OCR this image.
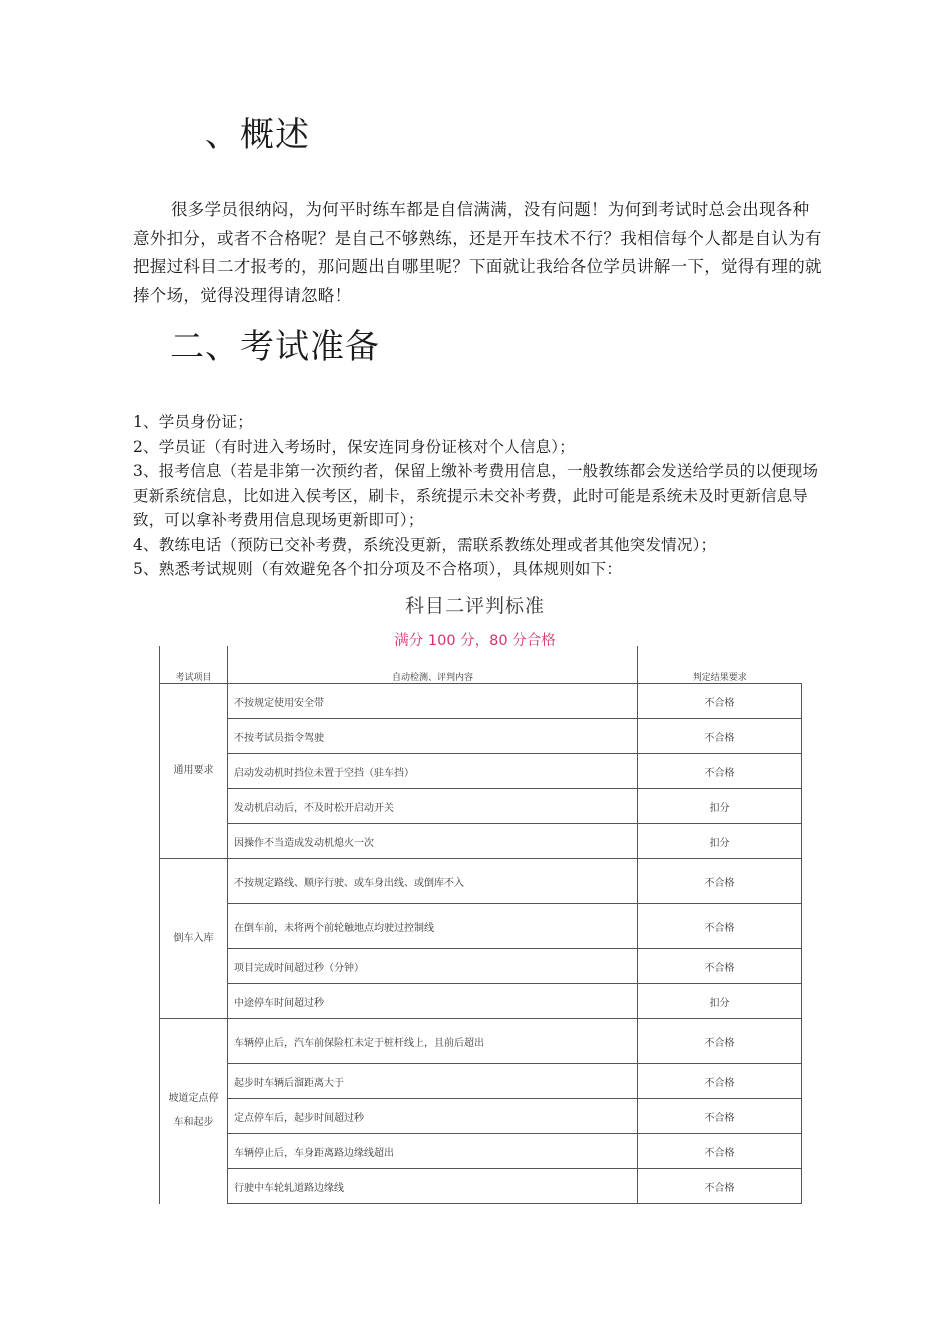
、概述
很多学员很纳闷，为何平时练车都是自信满满，没有问题！为何到考试时总会出现各种意外扣分，或者不合格呢？是自己不够熟练，还是开车技术不行？我相信每个人都是自认为有把握过科目二才报考的，那问题出自哪里呢？下面就让我给各位学员讲解一下，觉得有理的就捧个场，觉得没理得请忽略！
二、考试准备
1、学员身份证；
2、学员证（有时进入考场时，保安连同身份证核对个人信息）；
3、报考信息（若是非第一次预约者，保留上缴补考费用信息，一般教练都会发送给学员的以便现场更新系统信息，比如进入侯考区，刷卡，系统提示未交补考费，此时可能是系统未及时更新信息导致，可以拿补考费用信息现场更新即可）；
4、教练电话（预防已交补考费，系统没更新，需联系教练处理或者其他突发情况）；
5、熟悉考试规则（有效避免各个扣分项及不合格项），具体规则如下：
科目二评判标准
满分 100 分，80 分合格
考试项目	自动检测、评判内容	判定结果要求
通用要求	不按规定使用安全带	不合格
	不按考试员指令驾驶	不合格
	启动发动机时挡位未置于空挡（驻车挡）	不合格
	发动机启动后，不及时松开启动开关	扣分
	因操作不当造成发动机熄火一次	扣分
倒车入库	不按规定路线、顺序行驶、或车身出线、或倒库不入	不合格
	在倒车前，未将两个前轮触地点均驶过控制线	不合格
	项目完成时间超过秒（分钟）	不合格
	中途停车时间超过秒	扣分
坡道定点停车和起步	车辆停止后，汽车前保险杠未定于桩杆线上，且前后超出	不合格
	起步时车辆后溜距离大于	不合格
	定点停车后，起步时间超过秒	不合格
	车辆停止后，车身距离路边缘线超出	不合格
	行驶中车轮轧道路边缘线	不合格
